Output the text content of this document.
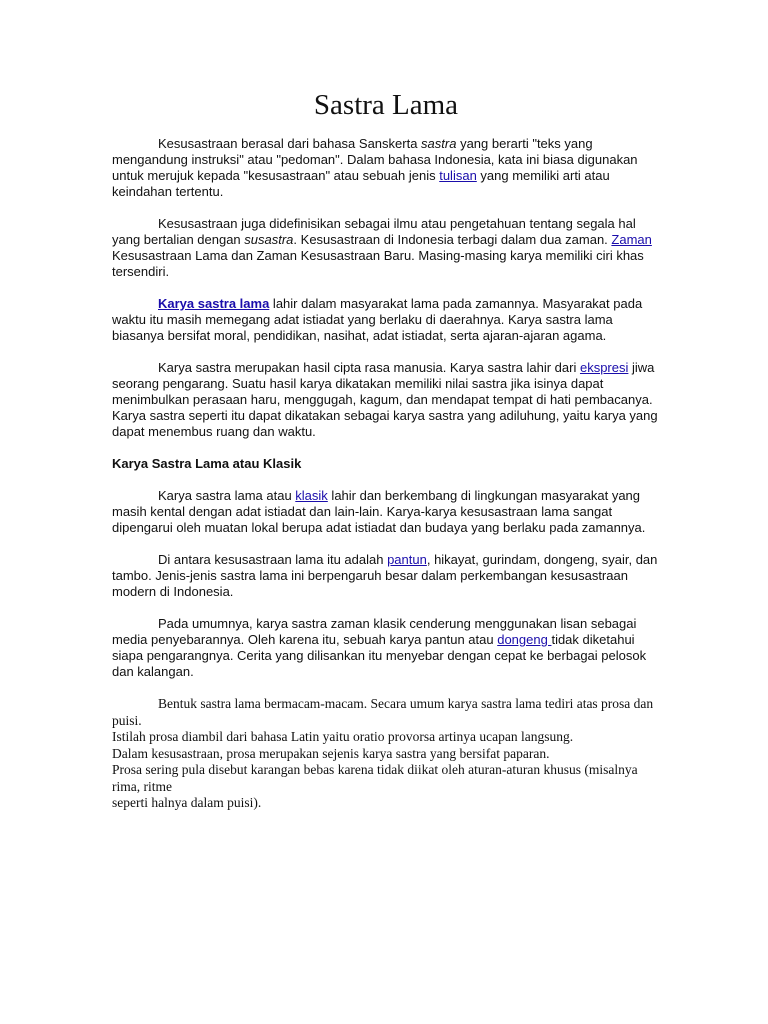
Sastra Lama

Kesusastraan berasal dari bahasa Sanskerta sastra yang berarti "teks yang mengandung instruksi" atau "pedoman". Dalam bahasa Indonesia, kata ini biasa digunakan untuk merujuk kepada "kesusastraan" atau sebuah jenis tulisan yang memiliki arti atau keindahan tertentu.

Kesusastraan juga didefinisikan sebagai ilmu atau pengetahuan tentang segala hal yang bertalian dengan susastra. Kesusastraan di Indonesia terbagi dalam dua zaman. Zaman Kesusastraan Lama dan Zaman Kesusastraan Baru. Masing-masing karya memiliki ciri khas tersendiri.

Karya sastra lama lahir dalam masyarakat lama pada zamannya. Masyarakat pada waktu itu masih memegang adat istiadat yang berlaku di daerahnya. Karya sastra lama biasanya bersifat moral, pendidikan, nasihat, adat istiadat, serta ajaran-ajaran agama.

Karya sastra merupakan hasil cipta rasa manusia. Karya sastra lahir dari ekspresi jiwa seorang pengarang. Suatu hasil karya dikatakan memiliki nilai sastra jika isinya dapat menimbulkan perasaan haru, menggugah, kagum, dan mendapat tempat di hati pembacanya. Karya sastra seperti itu dapat dikatakan sebagai karya sastra yang adiluhung, yaitu karya yang dapat menembus ruang dan waktu.

Karya Sastra Lama atau Klasik

Karya sastra lama atau klasik lahir dan berkembang di lingkungan masyarakat yang masih kental dengan adat istiadat dan lain-lain. Karya-karya kesusastraan lama sangat dipengarui oleh muatan lokal berupa adat istiadat dan budaya yang berlaku pada zamannya.

Di antara kesusastraan lama itu adalah pantun, hikayat, gurindam, dongeng, syair, dan tambo. Jenis-jenis sastra lama ini berpengaruh besar dalam perkembangan kesusastraan modern di Indonesia.

Pada umumnya, karya sastra zaman klasik cenderung menggunakan lisan sebagai media penyebarannya. Oleh karena itu, sebuah karya pantun atau dongeng tidak diketahui siapa pengarangnya. Cerita yang dilisankan itu menyebar dengan cepat ke berbagai pelosok dan kalangan.

Bentuk sastra lama bermacam-macam. Secara umum karya sastra lama tediri atas prosa dan puisi.

Istilah prosa diambil dari bahasa Latin yaitu oratio provorsa artinya ucapan langsung.

Dalam kesusastraan, prosa merupakan sejenis karya sastra yang bersifat paparan.

Prosa sering pula disebut karangan bebas karena tidak diikat oleh aturan-aturan khusus (misalnya rima, ritme

seperti halnya dalam puisi).
